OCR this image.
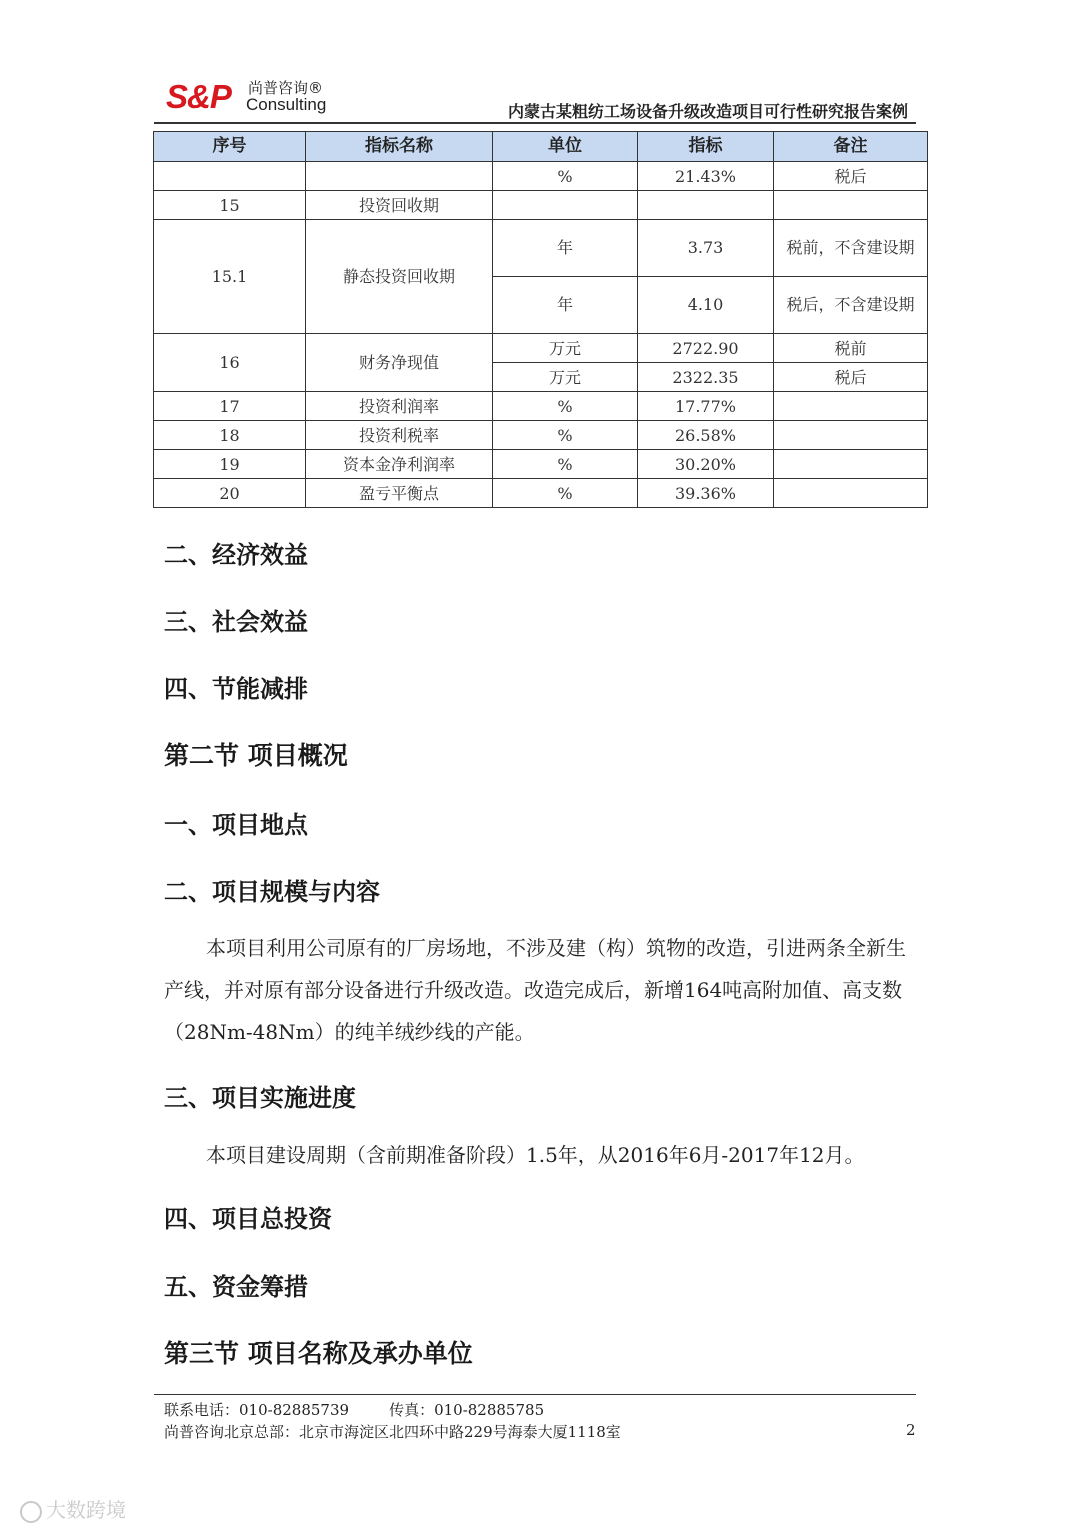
S&P 尚普咨询®
Consulting	内蒙古某粗纺工场设备升级改造项目可行性研究报告案例
序号	指标名称	单位	指标	备注
		%	21.43%	税后
15	投资回收期			
15.1	静态投资回收期	年	3.73	税前，不含建设期
		年	4.10	税后，不含建设期
16	财务净现值	万元	2722.90	税前
		万元	2322.35	税后
17	投资利润率	%	17.77%	
18	投资利税率	%	26.58%	
19	资本金净利润率	%	30.20%	
20	盈亏平衡点	%	39.36%	
二、经济效益
三、社会效益
四、节能减排
第二节 项目概况
一、项目地点
二、项目规模与内容
本项目利用公司原有的厂房场地，不涉及建（构）筑物的改造，引进两条全新生产线，并对原有部分设备进行升级改造。改造完成后，新增164吨高附加值、高支数（28Nm-48Nm）的纯羊绒纱线的产能。
三、项目实施进度
本项目建设周期（含前期准备阶段）1.5年，从2016年6月-2017年12月。
四、项目总投资
五、资金筹措
第三节 项目名称及承办单位
联系电话：010-82885739	传真：010-82885785
尚普咨询北京总部：北京市海淀区北四环中路229号海泰大厦1118室	2
大数跨境
